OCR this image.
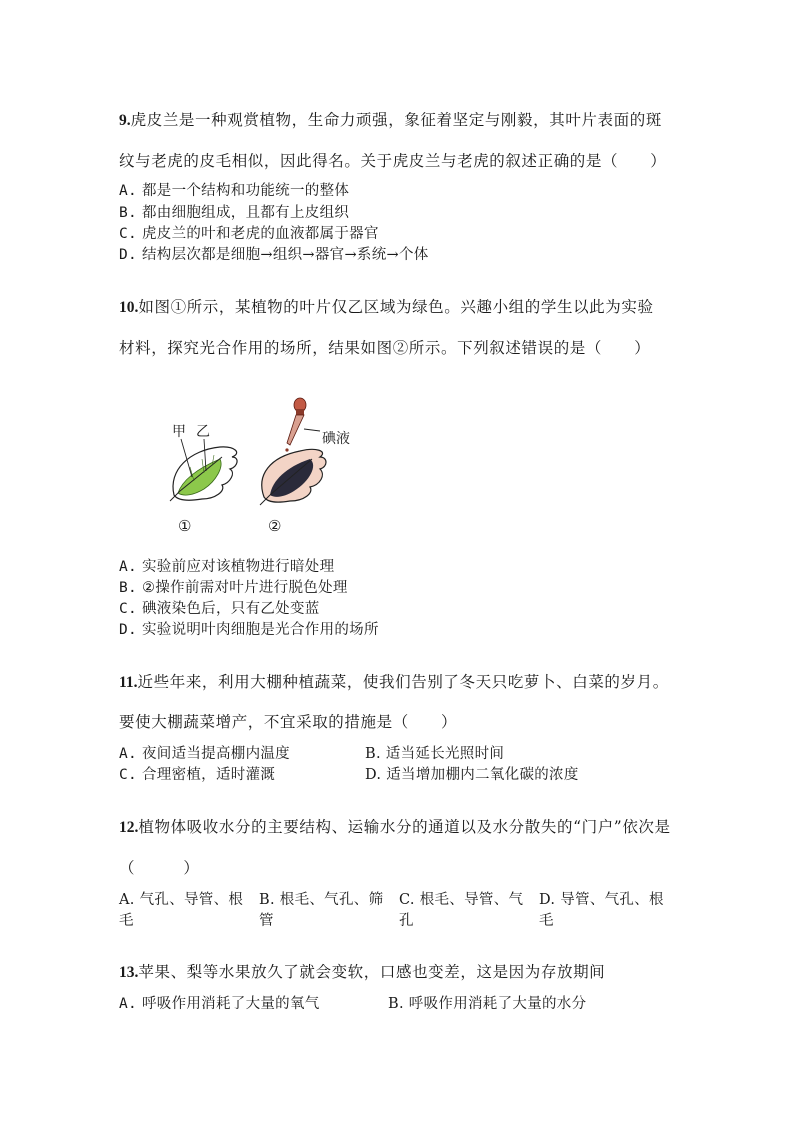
9.虎皮兰是一种观赏植物，生命力顽强，象征着坚定与刚毅，其叶片表面的斑
纹与老虎的皮毛相似，因此得名。关于虎皮兰与老虎的叙述正确的是（　　）
A. 都是一个结构和功能统一的整体
B. 都由细胞组成，且都有上皮组织
C. 虎皮兰的叶和老虎的血液都属于器官
D. 结构层次都是细胞→组织→器官→系统→个体
10.如图①所示，某植物的叶片仅乙区域为绿色。兴趣小组的学生以此为实验
材料，探究光合作用的场所，结果如图②所示。下列叙述错误的是（　　）
甲 乙	碘液
①	②
A. 实验前应对该植物进行暗处理
B. ②操作前需对叶片进行脱色处理
C. 碘液染色后，只有乙处变蓝
D. 实验说明叶肉细胞是光合作用的场所
11.近些年来，利用大棚种植蔬菜，使我们告别了冬天只吃萝卜、白菜的岁月。
要使大棚蔬菜增产，不宜采取的措施是（　　）
A. 夜间适当提高棚内温度	B. 适当延长光照时间
C. 合理密植，适时灌溉	D. 适当增加棚内二氧化碳的浓度
12.植物体吸收水分的主要结构、运输水分的通道以及水分散失的“门户”依次是
（　　　）
A. 气孔、导管、根
毛
B. 根毛、气孔、筛
管
C. 根毛、导管、气
孔
D. 导管、气孔、根
毛
13.苹果、梨等水果放久了就会变软，口感也变差，这是因为存放期间
A. 呼吸作用消耗了大量的氧气	B. 呼吸作用消耗了大量的水分
